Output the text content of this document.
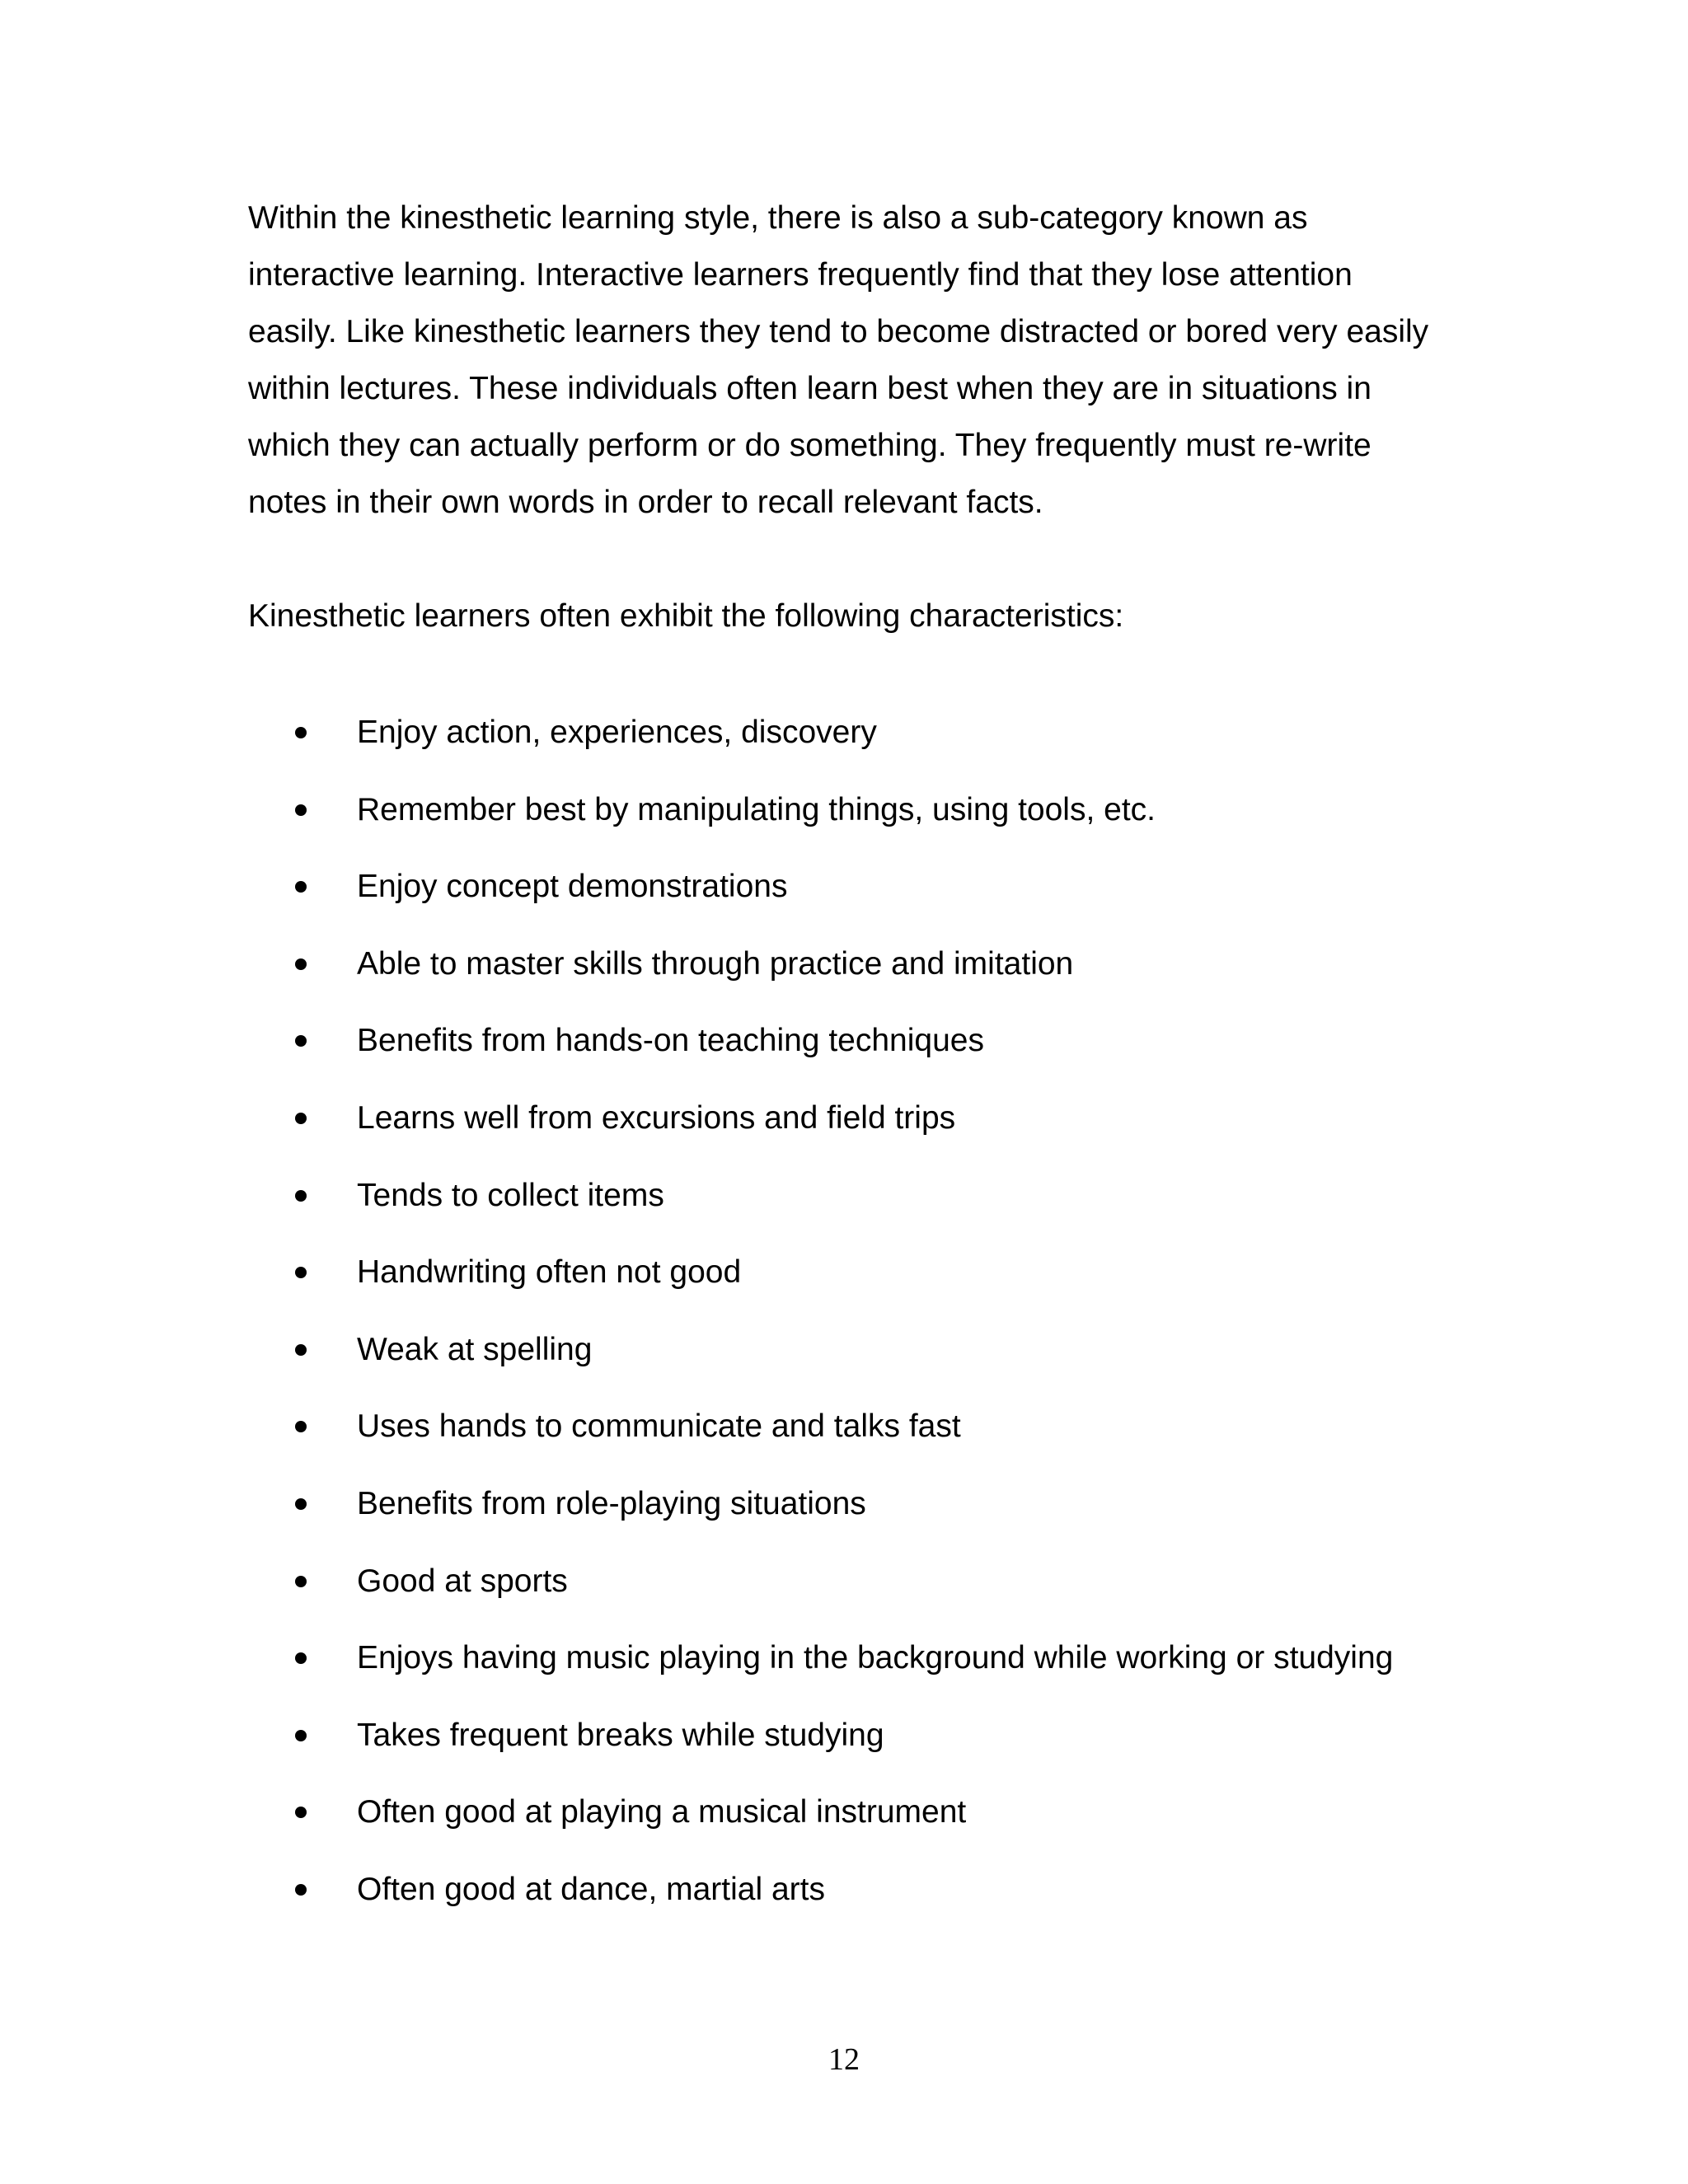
Within the kinesthetic learning style, there is also a sub-category known as interactive learning. Interactive learners frequently find that they lose attention easily. Like kinesthetic learners they tend to become distracted or bored very easily within lectures. These individuals often learn best when they are in situations in which they can actually perform or do something. They frequently must re-write notes in their own words in order to recall relevant facts.

Kinesthetic learners often exhibit the following characteristics:

Enjoy action, experiences, discovery
Remember best by manipulating things, using tools, etc.
Enjoy concept demonstrations
Able to master skills through practice and imitation
Benefits from hands-on teaching techniques
Learns well from excursions and field trips
Tends to collect items
Handwriting often not good
Weak at spelling
Uses hands to communicate and talks fast
Benefits from role-playing situations
Good at sports
Enjoys having music playing in the background while working or studying
Takes frequent breaks while studying
Often good at playing a musical instrument
Often good at dance, martial arts
12
